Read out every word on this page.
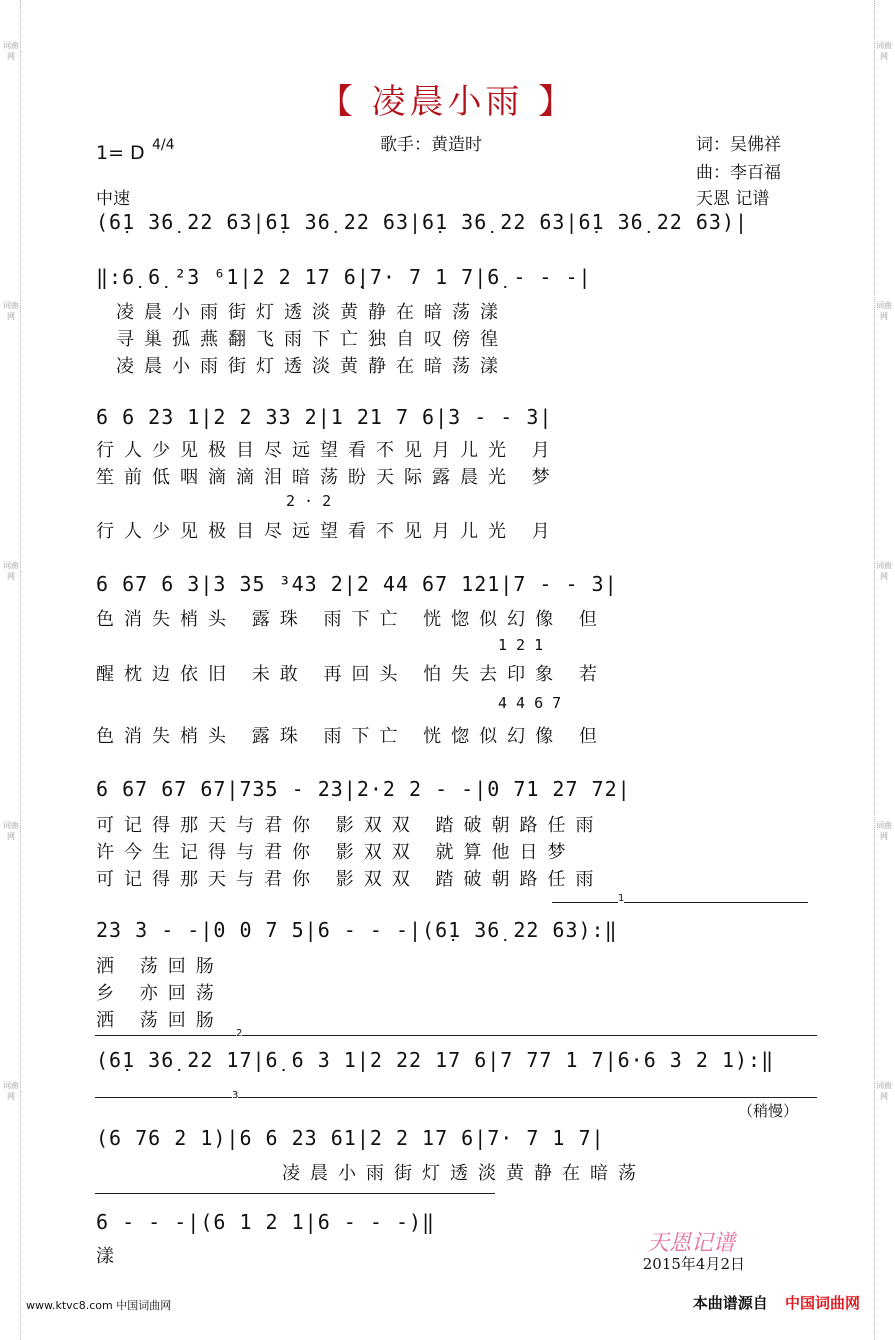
词曲网
词曲网
词曲网
词曲网
词曲网
词曲网
词曲网
词曲网
词曲网
词曲网
【 凌晨小雨 】
1= D 4/4	歌手：黄造时	词：吴佛祥
曲：李百福
中速	天恩 记谱
(6̣1 36̣ 22 63|6̣1 36̣ 22 63|6̣1 36̣ 22 63|6̣1 36̣ 22 63)|
‖:6̣ 6̣ ²3 ⁶1|2 2 17 6̣|7· 7 1 7|6̣ - - -|
凌晨小雨街灯透淡黄静在暗荡漾
寻巢孤燕翻飞雨下亡独自叹傍徨
凌晨小雨街灯透淡黄静在暗荡漾
6 6 23 1|2 2 33 2|1 21 7 6|3 - - 3|
行人少见极目尽远望看不见月儿光 月
笙前低咽滴滴泪暗荡盼天际露晨光 梦
2 · 2
行人少见极目尽远望看不见月儿光 月
6 67 6 3|3 35 ³43 2|2 44 67 121|7 - - 3|
色消失梢头 露珠 雨下亡 恍惚似幻像 但
1 2 1
醒枕边依旧 未敢 再回头 怕失去印象 若
4 4 6 7
色消失梢头 露珠 雨下亡 恍惚似幻像 但
6 67 67 67|735 - 23|2·2 2 - -|0 71 27 72|
可记得那天与君你 影双双 踏破朝路任雨
许今生记得与君你 影双双 就算他日梦
可记得那天与君你 影双双 踏破朝路任雨
1
23 3 - -|0 0 7 5|6 - - -|(6̣1 36̣ 22 63):‖
洒 荡回肠
乡 亦回荡
洒 荡回肠
2
(6̣1 36̣ 22 17|6̣ 6 3 1|2 22 17 6|7 77 1 7|6·6 3 2 1):‖
3
（稍慢）
(6 76 2 1)|6 6 23 61|2 2 17 6|7· 7 1 7|
凌晨小雨街灯透淡黄静在暗荡
6 - - -|(6 1 2 1|6 - - -)‖
漾
天恩记谱
2015年4月2日
www.ktvc8.com 中国词曲网	本曲谱源自 中国词曲网
